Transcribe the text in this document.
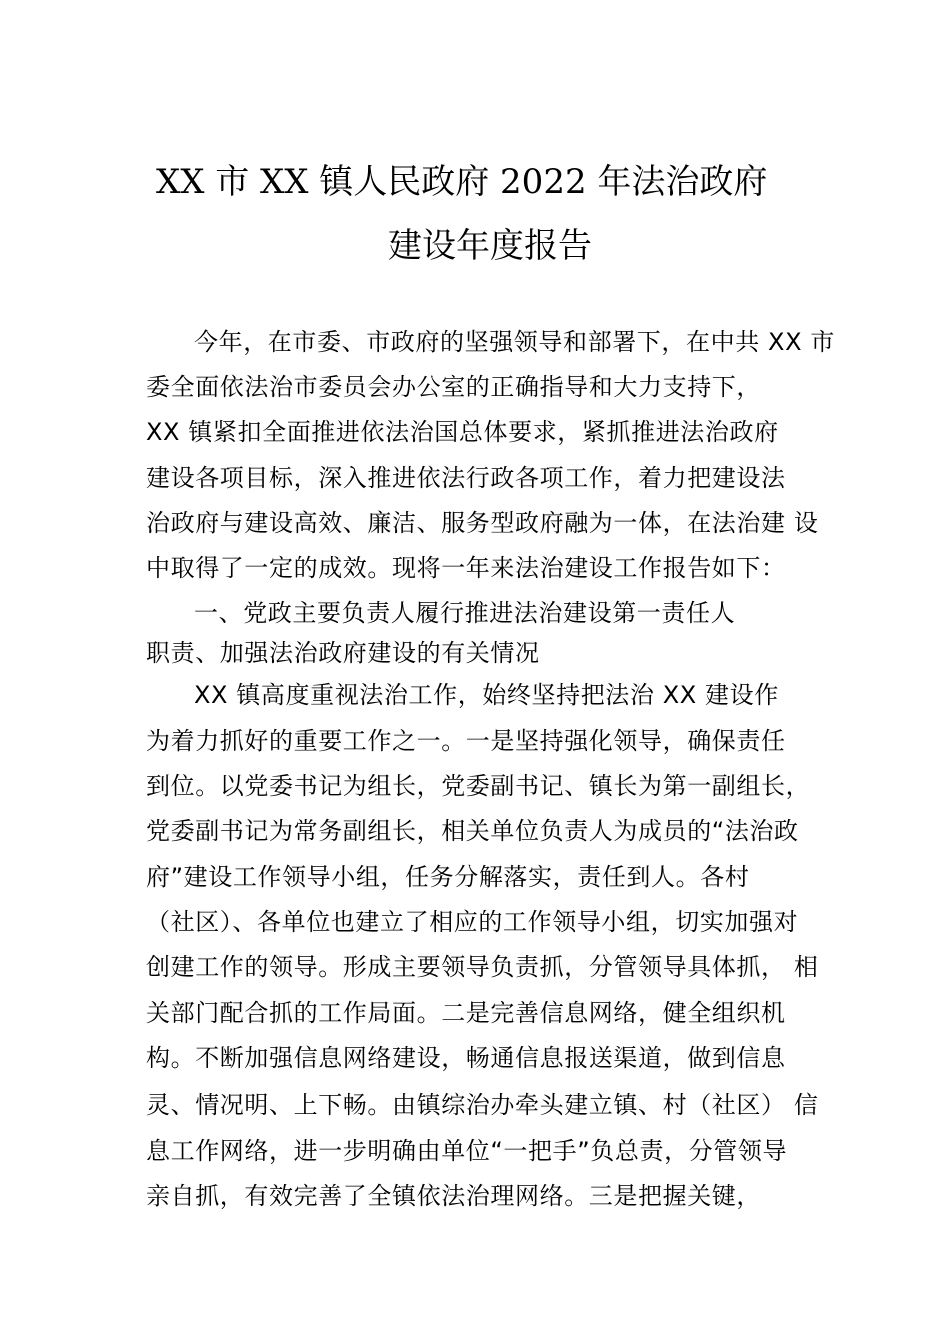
XX 市 XX 镇人民政府 2022 年法治政府
建设年度报告
今年，在市委、市政府的坚强领导和部署下，在中共 XX 市
委全面依法治市委员会办公室的正确指导和大力支持下，
XX 镇紧扣全面推进依法治国总体要求，紧抓推进法治政府
建设各项目标，深入推进依法行政各项工作，着力把建设法
治政府与建设高效、廉洁、服务型政府融为一体，在法治建 设
中取得了一定的成效。现将一年来法治建设工作报告如下：
一、党政主要负责人履行推进法治建设第一责任人
职责、加强法治政府建设的有关情况
XX 镇高度重视法治工作，始终坚持把法治 XX 建设作
为着力抓好的重要工作之一。一是坚持强化领导，确保责任
到位。以党委书记为组长，党委副书记、镇长为第一副组长，
党委副书记为常务副组长，相关单位负责人为成员的“法治政
府”建设工作领导小组，任务分解落实，责任到人。各村
（社区）、各单位也建立了相应的工作领导小组，切实加强对
创建工作的领导。形成主要领导负责抓，分管领导具体抓， 相
关部门配合抓的工作局面。二是完善信息网络，健全组织机
构。不断加强信息网络建设，畅通信息报送渠道，做到信息
灵、情况明、上下畅。由镇综治办牵头建立镇、村（社区） 信
息工作网络，进一步明确由单位“一把手”负总责，分管领导
亲自抓，有效完善了全镇依法治理网络。三是把握关键，
